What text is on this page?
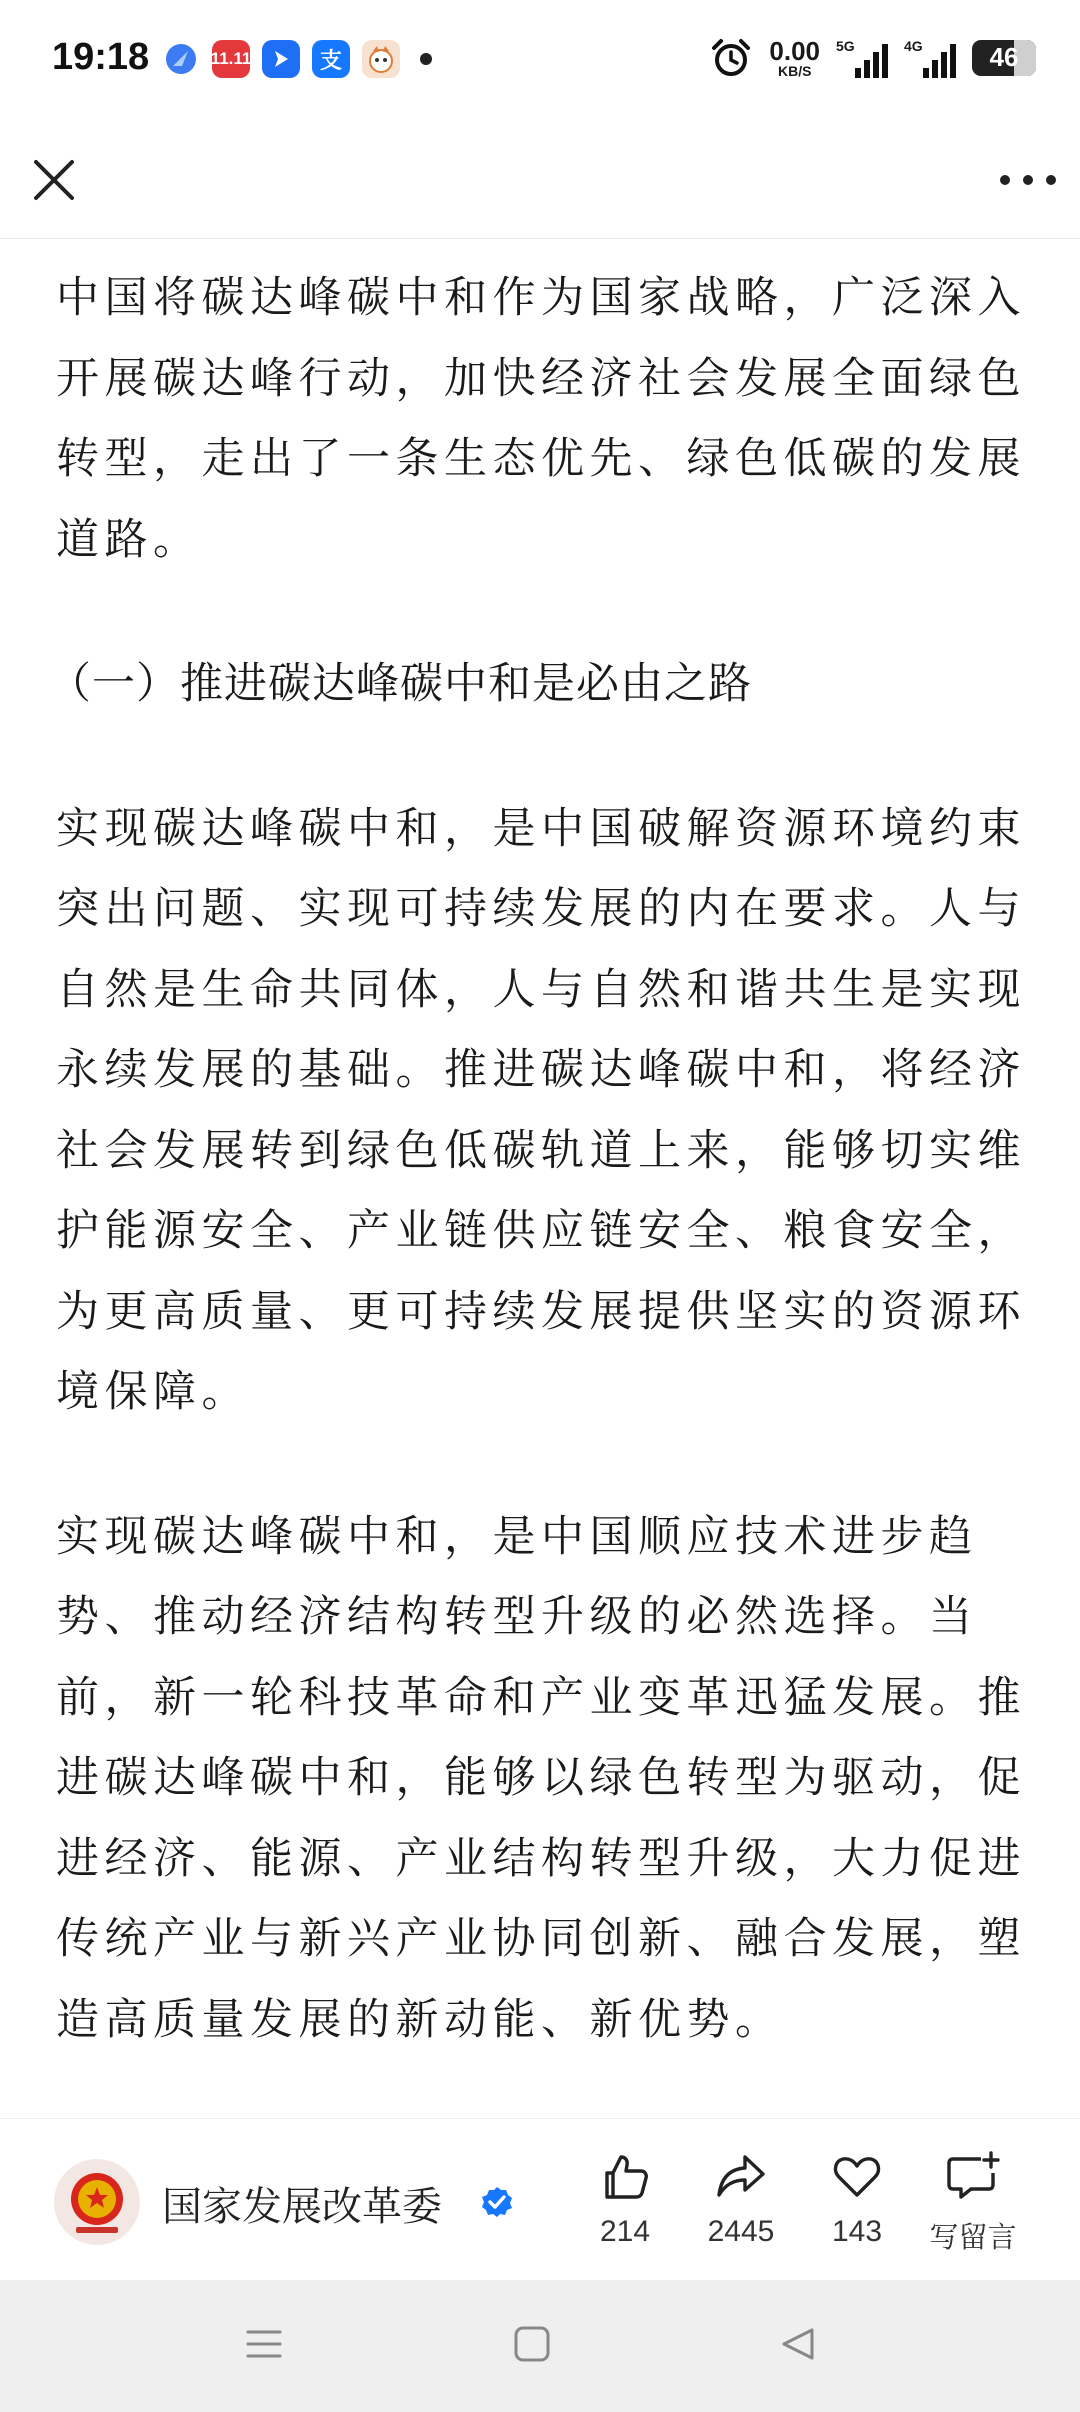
19:18	11.11	支	0.00
KB/S
5G	4G	46

中国将碳达峰碳中和作为国家战略，广泛深入开展碳达峰行动，加快经济社会发展全面绿色转型，走出了一条生态优先、绿色低碳的发展道路。

（一）推进碳达峰碳中和是必由之路

实现碳达峰碳中和，是中国破解资源环境约束突出问题、实现可持续发展的内在要求。人与自然是生命共同体，人与自然和谐共生是实现永续发展的基础。推进碳达峰碳中和，将经济社会发展转到绿色低碳轨道上来，能够切实维护能源安全、产业链供应链安全、粮食安全，为更高质量、更可持续发展提供坚实的资源环境保障。

实现碳达峰碳中和，是中国顺应技术进步趋势、推动经济结构转型升级的必然选择。当前，新一轮科技革命和产业变革迅猛发展。推进碳达峰碳中和，能够以绿色转型为驱动，促进经济、能源、产业结构转型升级，大力促进传统产业与新兴产业协同创新、融合发展，塑造高质量发展的新动能、新优势。

国家发展改革委
214	2445	143	写留言
